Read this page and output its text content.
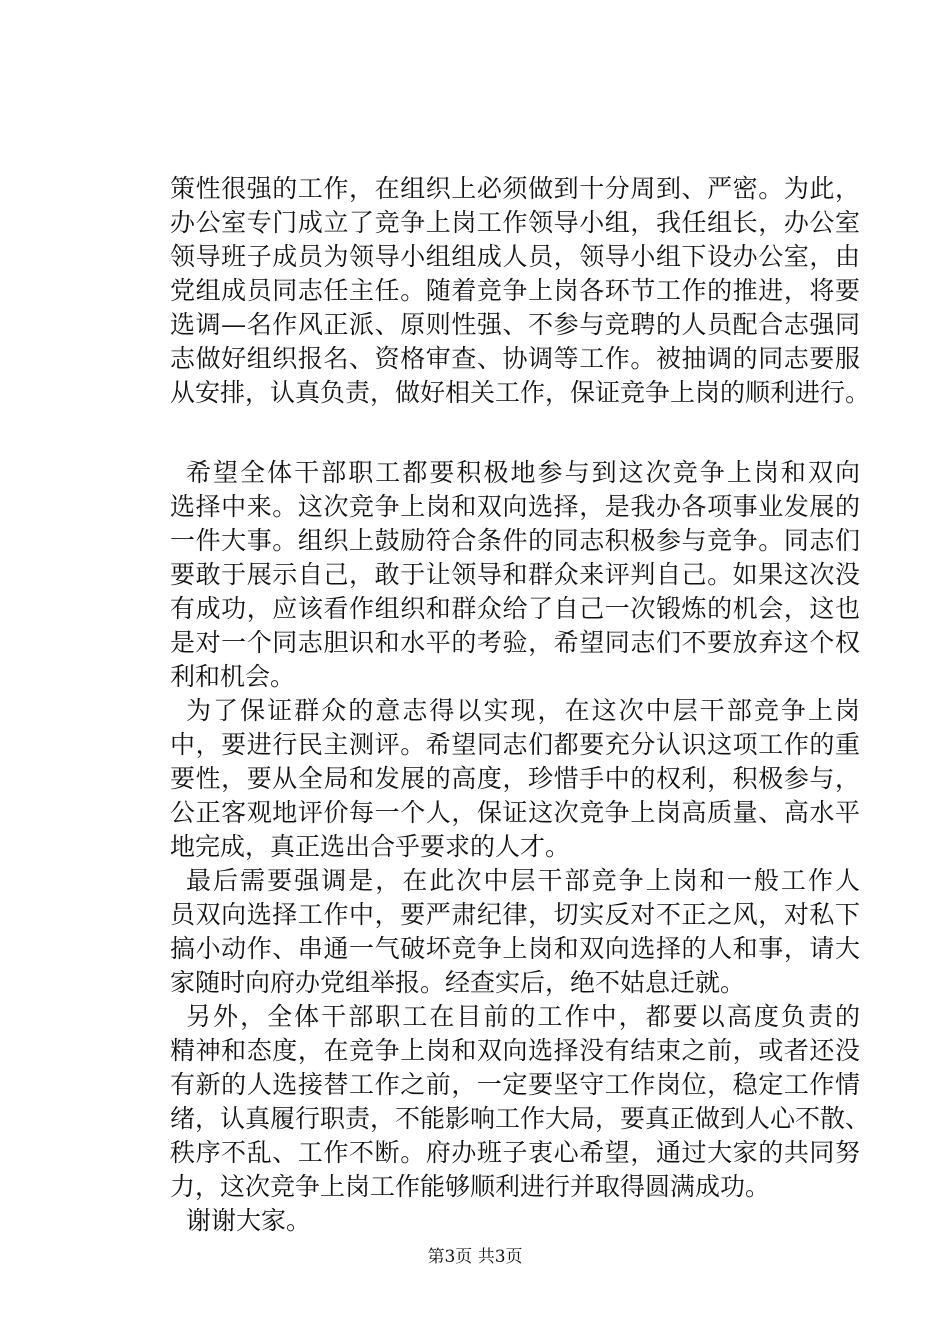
策性很强的工作，在组织上必须做到十分周到、严密。为此，
办公室专门成立了竞争上岗工作领导小组，我任组长，办公室
领导班子成员为领导小组组成人员，领导小组下设办公室，由
党组成员同志任主任。随着竞争上岗各环节工作的推进，将要
选调—名作风正派、原则性强、不参与竞聘的人员配合志强同
志做好组织报名、资格审查、协调等工作。被抽调的同志要服
从安排，认真负责，做好相关工作，保证竞争上岗的顺利进行。
希望全体干部职工都要积极地参与到这次竞争上岗和双向
选择中来。这次竞争上岗和双向选择，是我办各项事业发展的
一件大事。组织上鼓励符合条件的同志积极参与竞争。同志们
要敢于展示自己，敢于让领导和群众来评判自己。如果这次没
有成功，应该看作组织和群众给了自己一次锻炼的机会，这也
是对一个同志胆识和水平的考验，希望同志们不要放弃这个权
利和机会。
为了保证群众的意志得以实现，在这次中层干部竞争上岗
中，要进行民主测评。希望同志们都要充分认识这项工作的重
要性，要从全局和发展的高度，珍惜手中的权利，积极参与，
公正客观地评价每一个人，保证这次竞争上岗高质量、高水平
地完成，真正选出合乎要求的人才。
最后需要强调是，在此次中层干部竞争上岗和一般工作人
员双向选择工作中，要严肃纪律，切实反对不正之风，对私下
搞小动作、串通一气破坏竞争上岗和双向选择的人和事，请大
家随时向府办党组举报。经查实后，绝不姑息迁就。
另外，全体干部职工在目前的工作中，都要以高度负责的
精神和态度，在竞争上岗和双向选择没有结束之前，或者还没
有新的人选接替工作之前，一定要坚守工作岗位，稳定工作情
绪，认真履行职责，不能影响工作大局，要真正做到人心不散、
秩序不乱、工作不断。府办班子衷心希望，通过大家的共同努
力，这次竞争上岗工作能够顺利进行并取得圆满成功。
谢谢大家。
第3页 共3页
